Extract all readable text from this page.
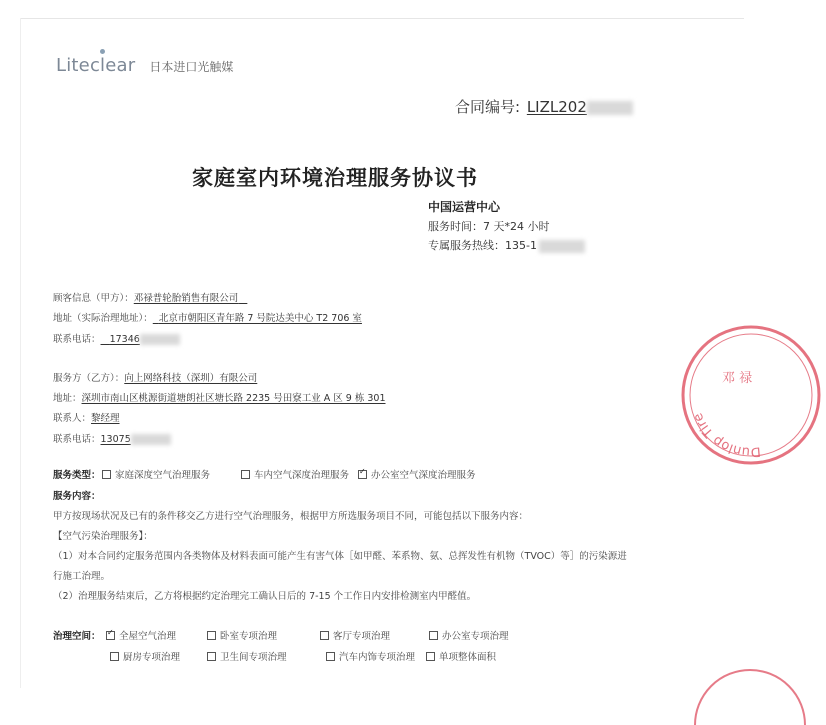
Liteclear 日本进口光触媒
合同编号: LIZL202
家庭室内环境治理服务协议书
中国运营中心
服务时间：7 天*24 小时
专属服务热线：135-1
顾客信息（甲方）：邓禄普轮胎销售有限公司
地址（实际治理地址）： 北京市朝阳区青年路 7 号院达美中心 T2 706 室
联系电话： 17346
服务方（乙方）：向上网络科技（深圳）有限公司
地址：深圳市南山区桃源街道塘朗社区塘长路 2235 号田寮工业 A 区 9 栋 301
联系人：黎经理
联系电话：13075
服务类型：	家庭深度空气治理服务	车内空气深度治理服务 ✓	办公室空气深度治理服务
服务内容：
甲方按现场状况及已有的条件移交乙方进行空气治理服务，根据甲方所选服务项目不同，可能包括以下服务内容：
【空气污染治理服务】：
（1）对本合同约定服务范围内各类物体及材料表面可能产生有害气体［如甲醛、苯系物、氨、总挥发性有机物（TVOC）等］的污染源进
行施工治理。
（2）治理服务结束后，乙方将根据约定治理完工确认日后的 7-15 个工作日内安排检测室内甲醛值。
治理空间： ✓	全屋空气治理	卧室专项治理	客厅专项治理	办公室专项治理
厨房专项治理	卫生间专项治理	汽车内饰专项治理	单项整体面积
Dunlop Tire
邓 禄
